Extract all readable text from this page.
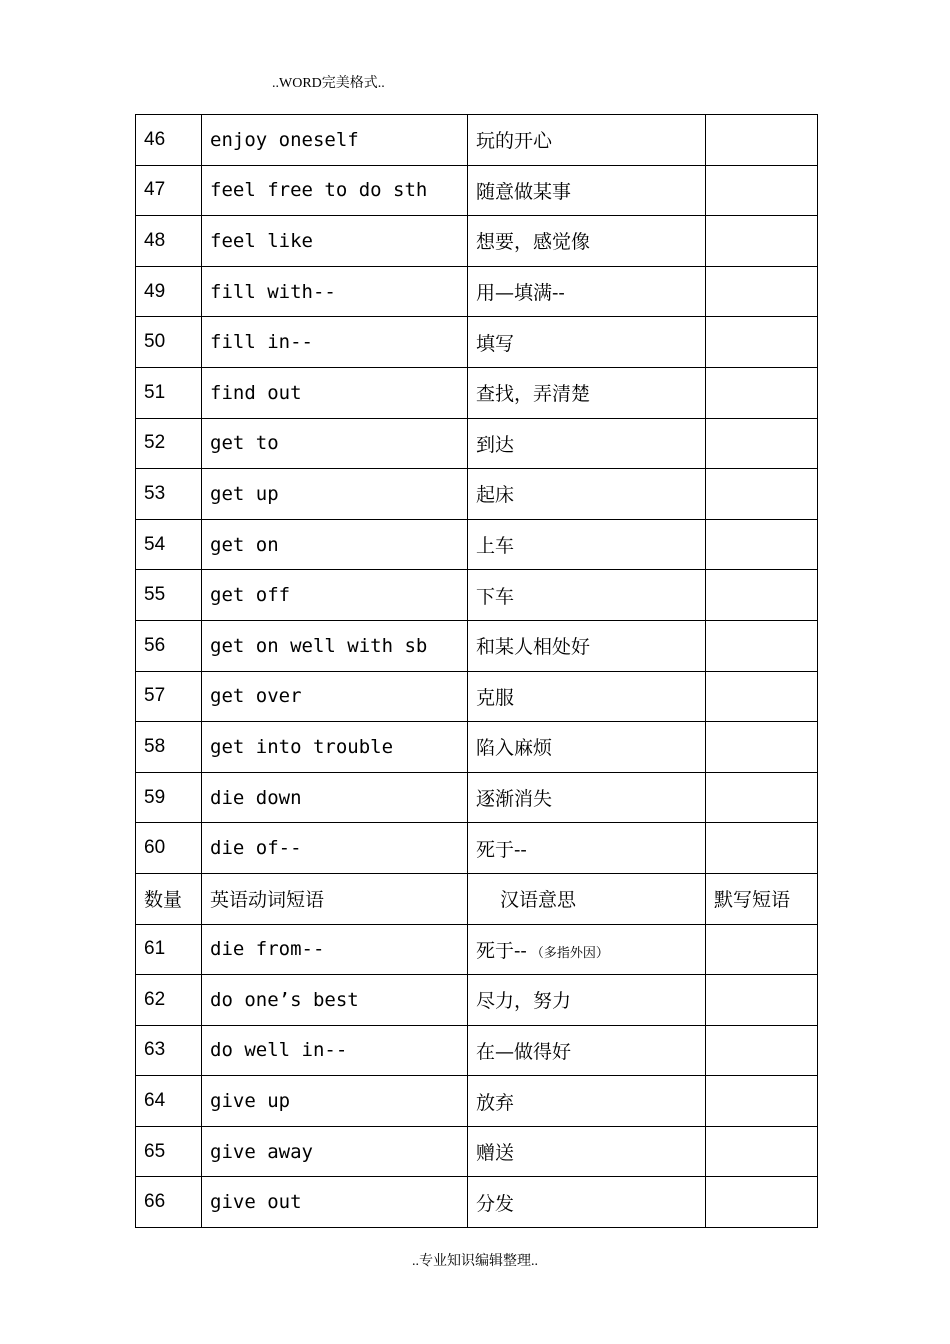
..WORD完美格式..
46	enjoy oneself	玩的开心	
47	feel free to do sth	随意做某事	
48	feel like	想要，感觉像	
49	fill with--	用—填满--	
50	fill in--	填写	
51	find out	查找，弄清楚	
52	get to	到达	
53	get up	起床	
54	get on	上车	
55	get off	下车	
56	get on well with sb	和某人相处好	
57	get over	克服	
58	get into trouble	陷入麻烦	
59	die down	逐渐消失	
60	die of--	死于--	
数量	英语动词短语	汉语意思	默写短语
61	die from--	死于-- （多指外因）	
62	do one’s best	尽力，努力	
63	do well in--	在—做得好	
64	give up	放弃	
65	give away	赠送	
66	give out	分发	
..专业知识编辑整理..
